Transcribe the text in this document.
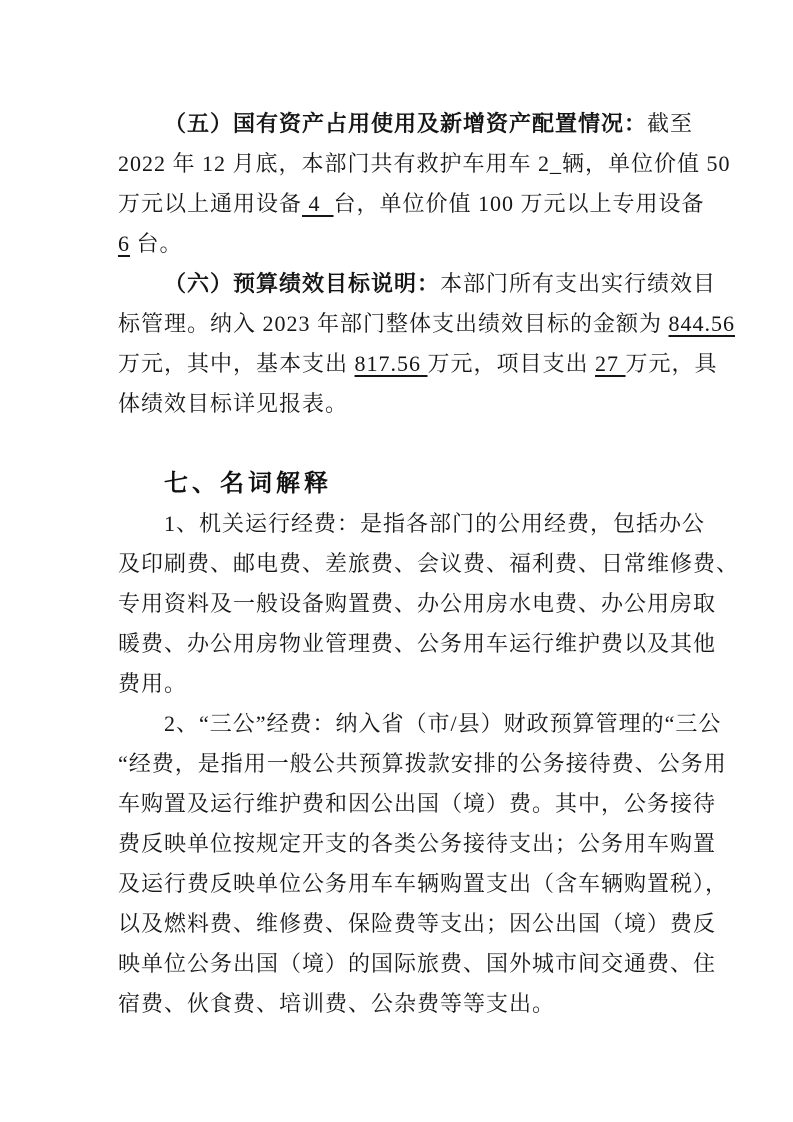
（五）国有资产占用使用及新增资产配置情况：截至
2022 年 12 月底，本部门共有救护车用车 2_辆，单位价值 50
万元以上通用设备 4  台，单位价值 100 万元以上专用设备
6 台。
（六）预算绩效目标说明：本部门所有支出实行绩效目
标管理。纳入 2023 年部门整体支出绩效目标的金额为 844.56
万元，其中，基本支出 817.56 万元，项目支出 27 万元，具
体绩效目标详见报表。
七、名词解释
1、机关运行经费：是指各部门的公用经费，包括办公
及印刷费、邮电费、差旅费、会议费、福利费、日常维修费、
专用资料及一般设备购置费、办公用房水电费、办公用房取
暖费、办公用房物业管理费、公务用车运行维护费以及其他
费用。
2、“三公”经费：纳入省（市/县）财政预算管理的“三公
“经费，是指用一般公共预算拨款安排的公务接待费、公务用
车购置及运行维护费和因公出国（境）费。其中，公务接待
费反映单位按规定开支的各类公务接待支出；公务用车购置
及运行费反映单位公务用车车辆购置支出（含车辆购置税），
以及燃料费、维修费、保险费等支出；因公出国（境）费反
映单位公务出国（境）的国际旅费、国外城市间交通费、住
宿费、伙食费、培训费、公杂费等等支出。
